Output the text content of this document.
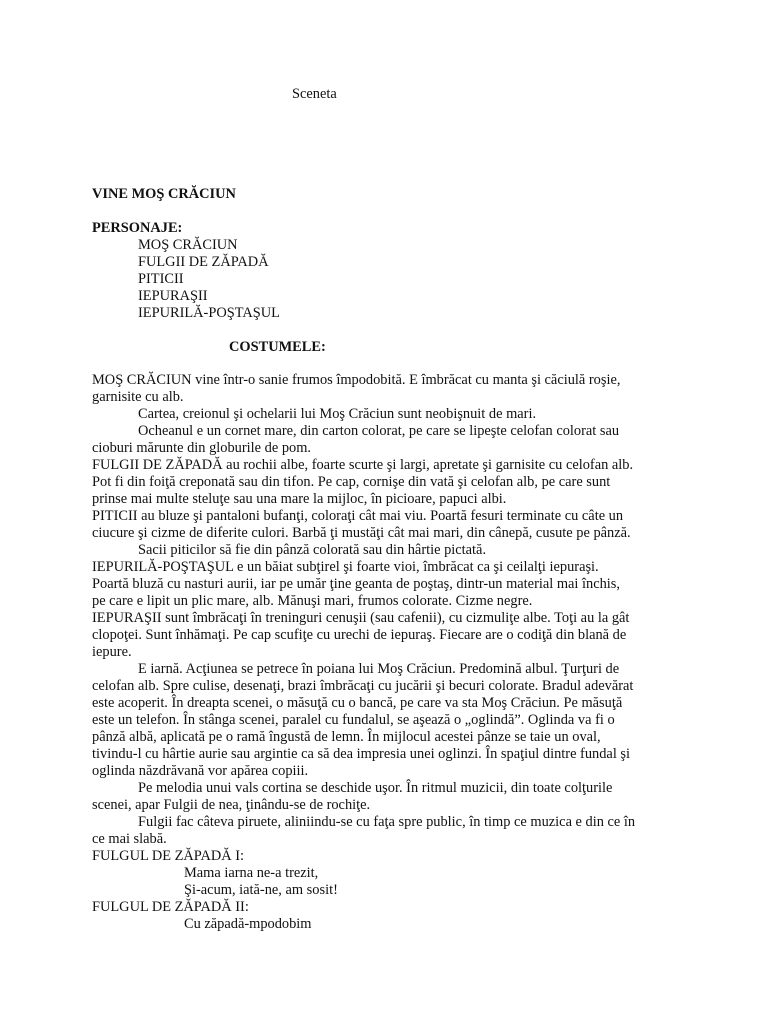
Sceneta
VINE MOŞ CRĂCIUN
PERSONAJE:
MOŞ CRĂCIUN
FULGII DE ZĂPADĂ
PITICII
IEPURAŞII
IEPURILĂ-POŞTAŞUL
COSTUMELE:
MOŞ CRĂCIUN vine într-o sanie frumos împodobită. E îmbrăcat cu manta şi căciulă roşie,
garnisite cu alb.
Cartea, creionul şi ochelarii lui Moş Crăciun sunt neobişnuit de mari.
Ocheanul e un cornet mare, din carton colorat, pe care se lipeşte celofan colorat sau
cioburi mărunte din globurile de pom.
FULGII DE ZĂPADĂ au rochii albe, foarte scurte şi largi, apretate şi garnisite cu celofan alb.
Pot fi din foiţă creponată sau din tifon. Pe cap, cornişe din vată şi celofan alb, pe care sunt
prinse mai multe steluţe sau una mare la mijloc, în picioare, papuci albi.
PITICII au bluze şi pantaloni bufanţi, coloraţi cât mai viu. Poartă fesuri terminate cu câte un
ciucure şi cizme de diferite culori. Barbă ţi mustăţi cât mai mari, din cânepă, cusute pe pânză.
Sacii piticilor să fie din pânză colorată sau din hârtie pictată.
IEPURILĂ-POŞTAŞUL e un băiat subţirel şi foarte vioi, îmbrăcat ca şi ceilalţi iepuraşi.
Poartă bluză cu nasturi aurii, iar pe umăr ţine geanta de poştaş, dintr-un material mai închis,
pe care e lipit un plic mare, alb. Mănuşi mari, frumos colorate. Cizme negre.
IEPURAŞII sunt îmbrăcaţi în treninguri cenuşii (sau cafenii), cu cizmuliţe albe. Toţi au la gât
clopoţei. Sunt înhămaţi. Pe cap scufiţe cu urechi de iepuraş. Fiecare are o codiţă din blană de
iepure.
E iarnă. Acţiunea se petrece în poiana lui Moş Crăciun. Predomină albul. Ţurţuri de
celofan alb. Spre culise, desenaţi, brazi îmbrăcaţi cu jucării şi becuri colorate. Bradul adevărat
este acoperit. În dreapta scenei, o măsuţă cu o bancă, pe care va sta Moş Crăciun. Pe măsuţă
este un telefon. În stânga scenei, paralel cu fundalul, se aşează o „oglindă”. Oglinda va fi o
pânză albă, aplicată pe o ramă îngustă de lemn. În mijlocul acestei pânze se taie un oval,
tivindu-l cu hârtie aurie sau argintie ca să dea impresia unei oglinzi. În spaţiul dintre fundal şi
oglinda năzdrăvană vor apărea copiii.
Pe melodia unui vals cortina se deschide uşor. În ritmul muzicii, din toate colţurile
scenei, apar Fulgii de nea, ţinându-se de rochiţe.
Fulgii fac câteva piruete, aliniindu-se cu faţa spre public, în timp ce muzica e din ce în
ce mai slabă.
FULGUL DE ZĂPADĂ I:
Mama iarna ne-a trezit,
Şi-acum, iată-ne, am sosit!
FULGUL DE ZĂPADĂ II:
Cu zăpadă-mpodobim
